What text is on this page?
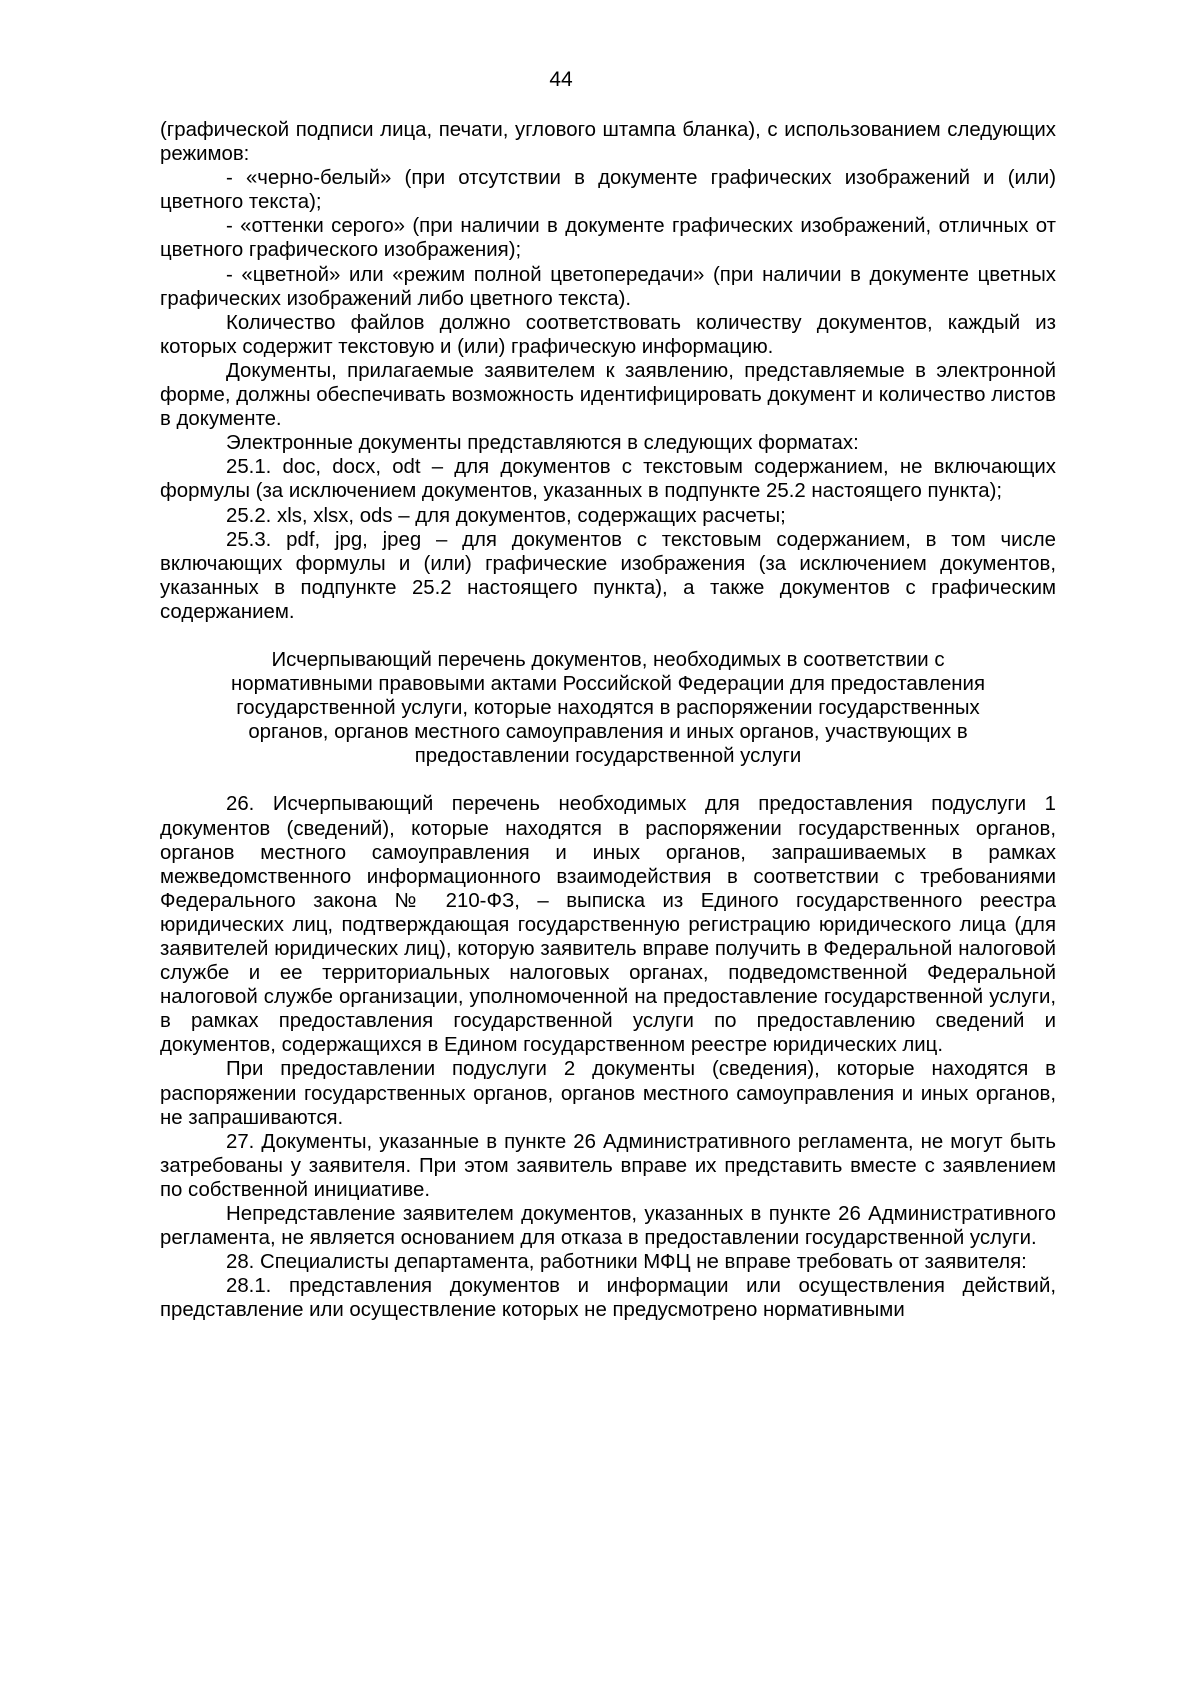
44

(графической подписи лица, печати, углового штампа бланка), с использованием следующих режимов:

- «черно-белый» (при отсутствии в документе графических изображений и (или) цветного текста);

- «оттенки серого» (при наличии в документе графических изображений, отличных от цветного графического изображения);

- «цветной» или «режим полной цветопередачи» (при наличии в документе цветных графических изображений либо цветного текста).

Количество файлов должно соответствовать количеству документов, каждый из которых содержит текстовую и (или) графическую информацию.

Документы, прилагаемые заявителем к заявлению, представляемые в электронной форме, должны обеспечивать возможность идентифицировать документ и количество листов в документе.

Электронные документы представляются в следующих форматах:

25.1. doc, docx, odt – для документов с текстовым содержанием, не включающих формулы (за исключением документов, указанных в подпункте 25.2 настоящего пункта);

25.2. xls, xlsx, ods – для документов, содержащих расчеты;

25.3. pdf, jpg, jpeg – для документов с текстовым содержанием, в том числе включающих формулы и (или) графические изображения (за исключением документов, указанных в подпункте 25.2 настоящего пункта), а также документов с графическим содержанием.

Исчерпывающий перечень документов, необходимых в соответствии с
нормативными правовыми актами Российской Федерации для предоставления
государственной услуги, которые находятся в распоряжении государственных
органов, органов местного самоуправления и иных органов, участвующих в
предоставлении государственной услуги

26. Исчерпывающий перечень необходимых для предоставления подуслуги 1 документов (сведений), которые находятся в распоряжении государственных органов, органов местного самоуправления и иных органов, запрашиваемых в рамках межведомственного информационного взаимодействия в соответствии с требованиями Федерального закона № 210-ФЗ, – выписка из Единого государственного реестра юридических лиц, подтверждающая государственную регистрацию юридического лица (для заявителей юридических лиц), которую заявитель вправе получить в Федеральной налоговой службе и ее территориальных налоговых органах, подведомственной Федеральной налоговой службе организации, уполномоченной на предоставление государственной услуги, в рамках предоставления государственной услуги по предоставлению сведений и документов, содержащихся в Едином государственном реестре юридических лиц.

При предоставлении подуслуги 2 документы (сведения), которые находятся в распоряжении государственных органов, органов местного самоуправления и иных органов, не запрашиваются.

27. Документы, указанные в пункте 26 Административного регламента, не могут быть затребованы у заявителя. При этом заявитель вправе их представить вместе с заявлением по собственной инициативе.

Непредставление заявителем документов, указанных в пункте 26 Административного регламента, не является основанием для отказа в предоставлении государственной услуги.

28. Специалисты департамента, работники МФЦ не вправе требовать от заявителя:

28.1. представления документов и информации или осуществления действий, представление или осуществление которых не предусмотрено нормативными
